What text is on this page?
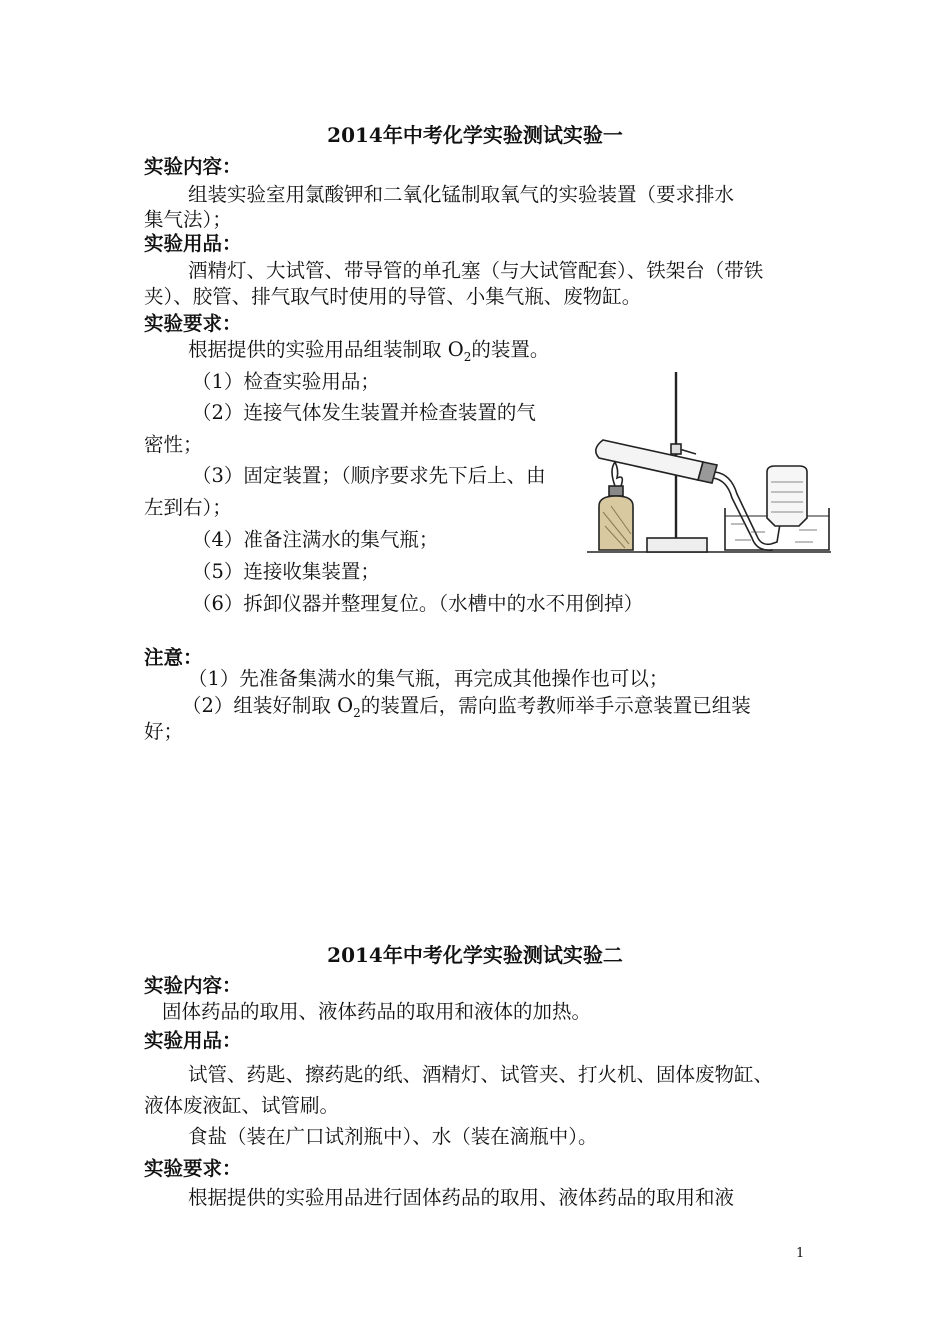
2014年中考化学实验测试实验一
实验内容：
组装实验室用氯酸钾和二氧化锰制取氧气的实验装置（要求排水
集气法）；
实验用品：
酒精灯、大试管、带导管的单孔塞（与大试管配套）、铁架台（带铁
夹）、胶管、排气取气时使用的导管、小集气瓶、废物缸。
实验要求：
根据提供的实验用品组装制取 $O_2$的装置。
（1）检查实验用品；
（2）连接气体发生装置并检查装置的气
密性；
（3）固定装置；（顺序要求先下后上、由
左到右）；
（4）准备注满水的集气瓶；
（5）连接收集装置；
（6）拆卸仪器并整理复位。（水槽中的水不用倒掉）
注意：
（1）先准备集满水的集气瓶，再完成其他操作也可以；
（2）组装好制取 $O_2$的装置后，需向监考教师举手示意装置已组装
好；
2014年中考化学实验测试实验二
实验内容：
固体药品的取用、液体药品的取用和液体的加热。
实验用品：
试管、药匙、擦药匙的纸、酒精灯、试管夹、打火机、固体废物缸、
液体废液缸、试管刷。
食盐（装在广口试剂瓶中）、水（装在滴瓶中）。
实验要求：
根据提供的实验用品进行固体药品的取用、液体药品的取用和液
1
